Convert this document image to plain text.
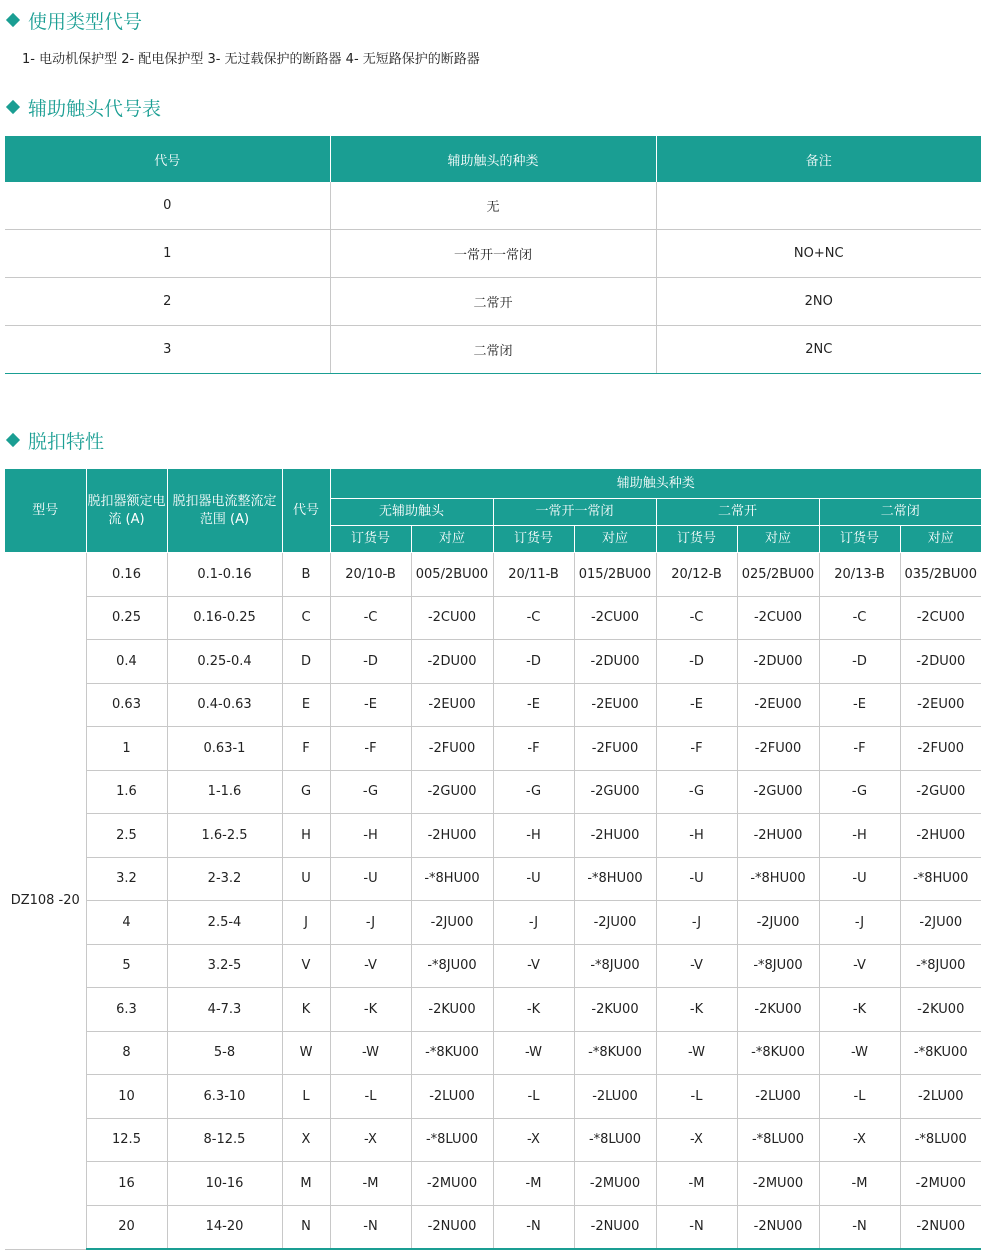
使用类型代号
1- 电动机保护型 2- 配电保护型 3- 无过载保护的断路器 4- 无短路保护的断路器
辅助触头代号表
代号	辅助触头的种类	备注
0	无	
1	一常开一常闭	NO+NC
2	二常开	2NO
3	二常闭	2NC
脱扣特性
型号	脱扣器额定电流 (A)	脱扣器电流整流定范围 (A)	代号	辅助触头种类							
				无辅助触头		一常开一常闭		二常开		二常闭	
				订货号	对应	订货号	对应	订货号	对应	订货号	对应
DZ108 -20	0.16	0.1-0.16	B	20/10-B	005/2BU00	20/11-B	015/2BU00	20/12-B	025/2BU00	20/13-B	035/2BU00
	0.25	0.16-0.25	C	-C	-2CU00	-C	-2CU00	-C	-2CU00	-C	-2CU00
	0.4	0.25-0.4	D	-D	-2DU00	-D	-2DU00	-D	-2DU00	-D	-2DU00
	0.63	0.4-0.63	E	-E	-2EU00	-E	-2EU00	-E	-2EU00	-E	-2EU00
	1	0.63-1	F	-F	-2FU00	-F	-2FU00	-F	-2FU00	-F	-2FU00
	1.6	1-1.6	G	-G	-2GU00	-G	-2GU00	-G	-2GU00	-G	-2GU00
	2.5	1.6-2.5	H	-H	-2HU00	-H	-2HU00	-H	-2HU00	-H	-2HU00
	3.2	2-3.2	U	-U	-*8HU00	-U	-*8HU00	-U	-*8HU00	-U	-*8HU00
	4	2.5-4	J	-J	-2JU00	-J	-2JU00	-J	-2JU00	-J	-2JU00
	5	3.2-5	V	-V	-*8JU00	-V	-*8JU00	-V	-*8JU00	-V	-*8JU00
	6.3	4-7.3	K	-K	-2KU00	-K	-2KU00	-K	-2KU00	-K	-2KU00
	8	5-8	W	-W	-*8KU00	-W	-*8KU00	-W	-*8KU00	-W	-*8KU00
	10	6.3-10	L	-L	-2LU00	-L	-2LU00	-L	-2LU00	-L	-2LU00
	12.5	8-12.5	X	-X	-*8LU00	-X	-*8LU00	-X	-*8LU00	-X	-*8LU00
	16	10-16	M	-M	-2MU00	-M	-2MU00	-M	-2MU00	-M	-2MU00
	20	14-20	N	-N	-2NU00	-N	-2NU00	-N	-2NU00	-N	-2NU00
